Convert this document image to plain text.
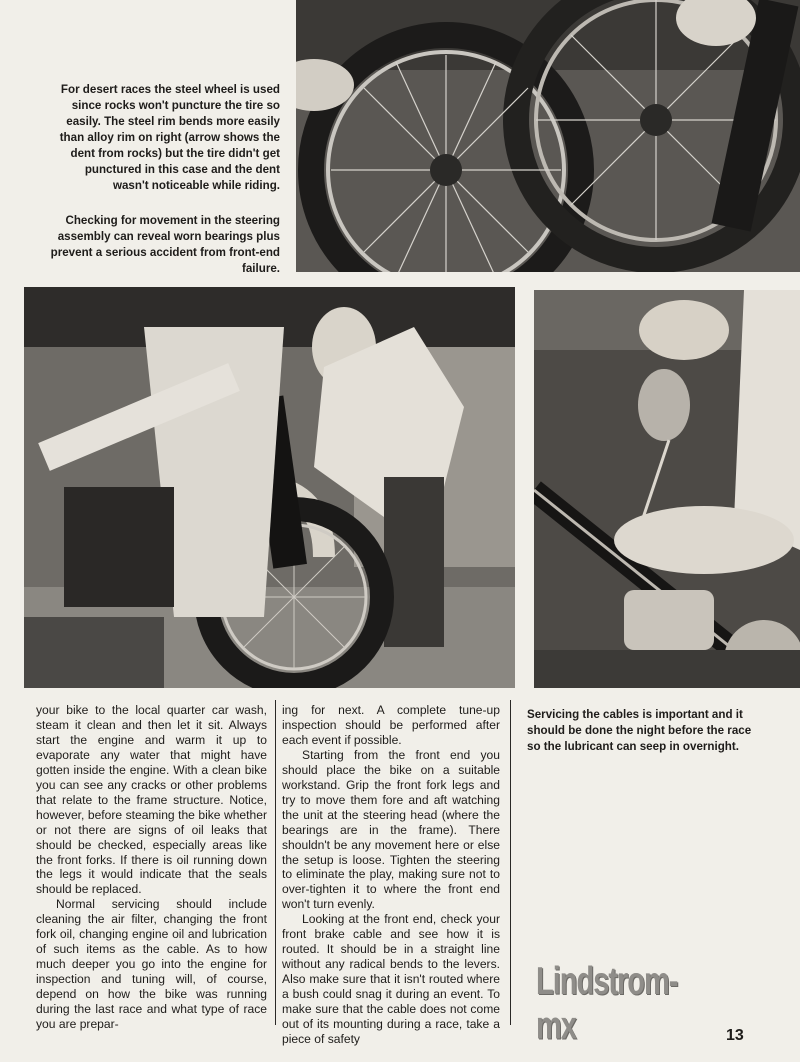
For desert races the steel wheel is used since rocks won't puncture the tire so easily. The steel rim bends more easily than alloy rim on right (arrow shows the dent from rocks) but the tire didn't get punctured in this case and the dent wasn't noticeable while riding.

Checking for movement in the steering assembly can reveal worn bearings plus prevent a serious accident from front-end failure.

Servicing the cables is important and it should be done the night before the race so the lubricant can seep in overnight.

your bike to the local quarter car wash, steam it clean and then let it sit. Always start the engine and warm it up to evaporate any water that might have gotten inside the engine. With a clean bike you can see any cracks or other problems that relate to the frame structure. Notice, however, before steaming the bike whether or not there are signs of oil leaks that should be checked, especially areas like the front forks. If there is oil running down the legs it would indicate that the seals should be replaced.

Normal servicing should include cleaning the air filter, changing the front fork oil, changing engine oil and lubrication of such items as the cable. As to how much deeper you go into the engine for inspection and tuning will, of course, depend on how the bike was running during the last race and what type of race you are prepar-

ing for next. A complete tune-up inspection should be performed after each event if possible.

Starting from the front end you should place the bike on a suitable workstand. Grip the front fork legs and try to move them fore and aft watching the unit at the steering head (where the bearings are in the frame). There shouldn't be any movement here or else the setup is loose. Tighten the steering to eliminate the play, making sure not to over-tighten it to where the front end won't turn evenly.

Looking at the front end, check your front brake cable and see how it is routed. It should be in a straight line without any radical bends to the levers. Also make sure that it isn't routed where a bush could snag it during an event. To make sure that the cable does not come out of its mounting during a race, take a piece of safety

Lindstrom-mx	13
